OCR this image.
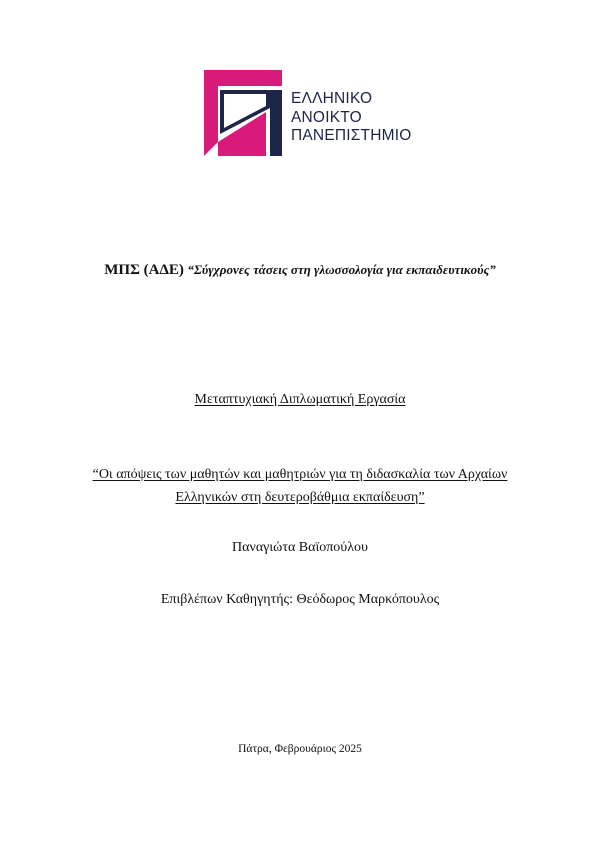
ΕΛΛΗΝΙΚΟ
ΑΝΟΙΚΤΟ
ΠΑΝΕΠΙΣΤΗΜΙΟ
ΜΠΣ (ΑΔΕ) “Σύγχρονες τάσεις στη γλωσσολογία για εκπαιδευτικούς”
Μεταπτυχιακή Διπλωματική Εργασία
“Οι απόψεις των μαθητών και μαθητριών για τη διδασκαλία των Αρχαίων
Ελληνικών στη δευτεροβάθμια εκπαίδευση”
Παναγιώτα Βαϊοπούλου
Επιβλέπων Καθηγητής: Θεόδωρος Μαρκόπουλος
Πάτρα, Φεβρουάριος 2025
